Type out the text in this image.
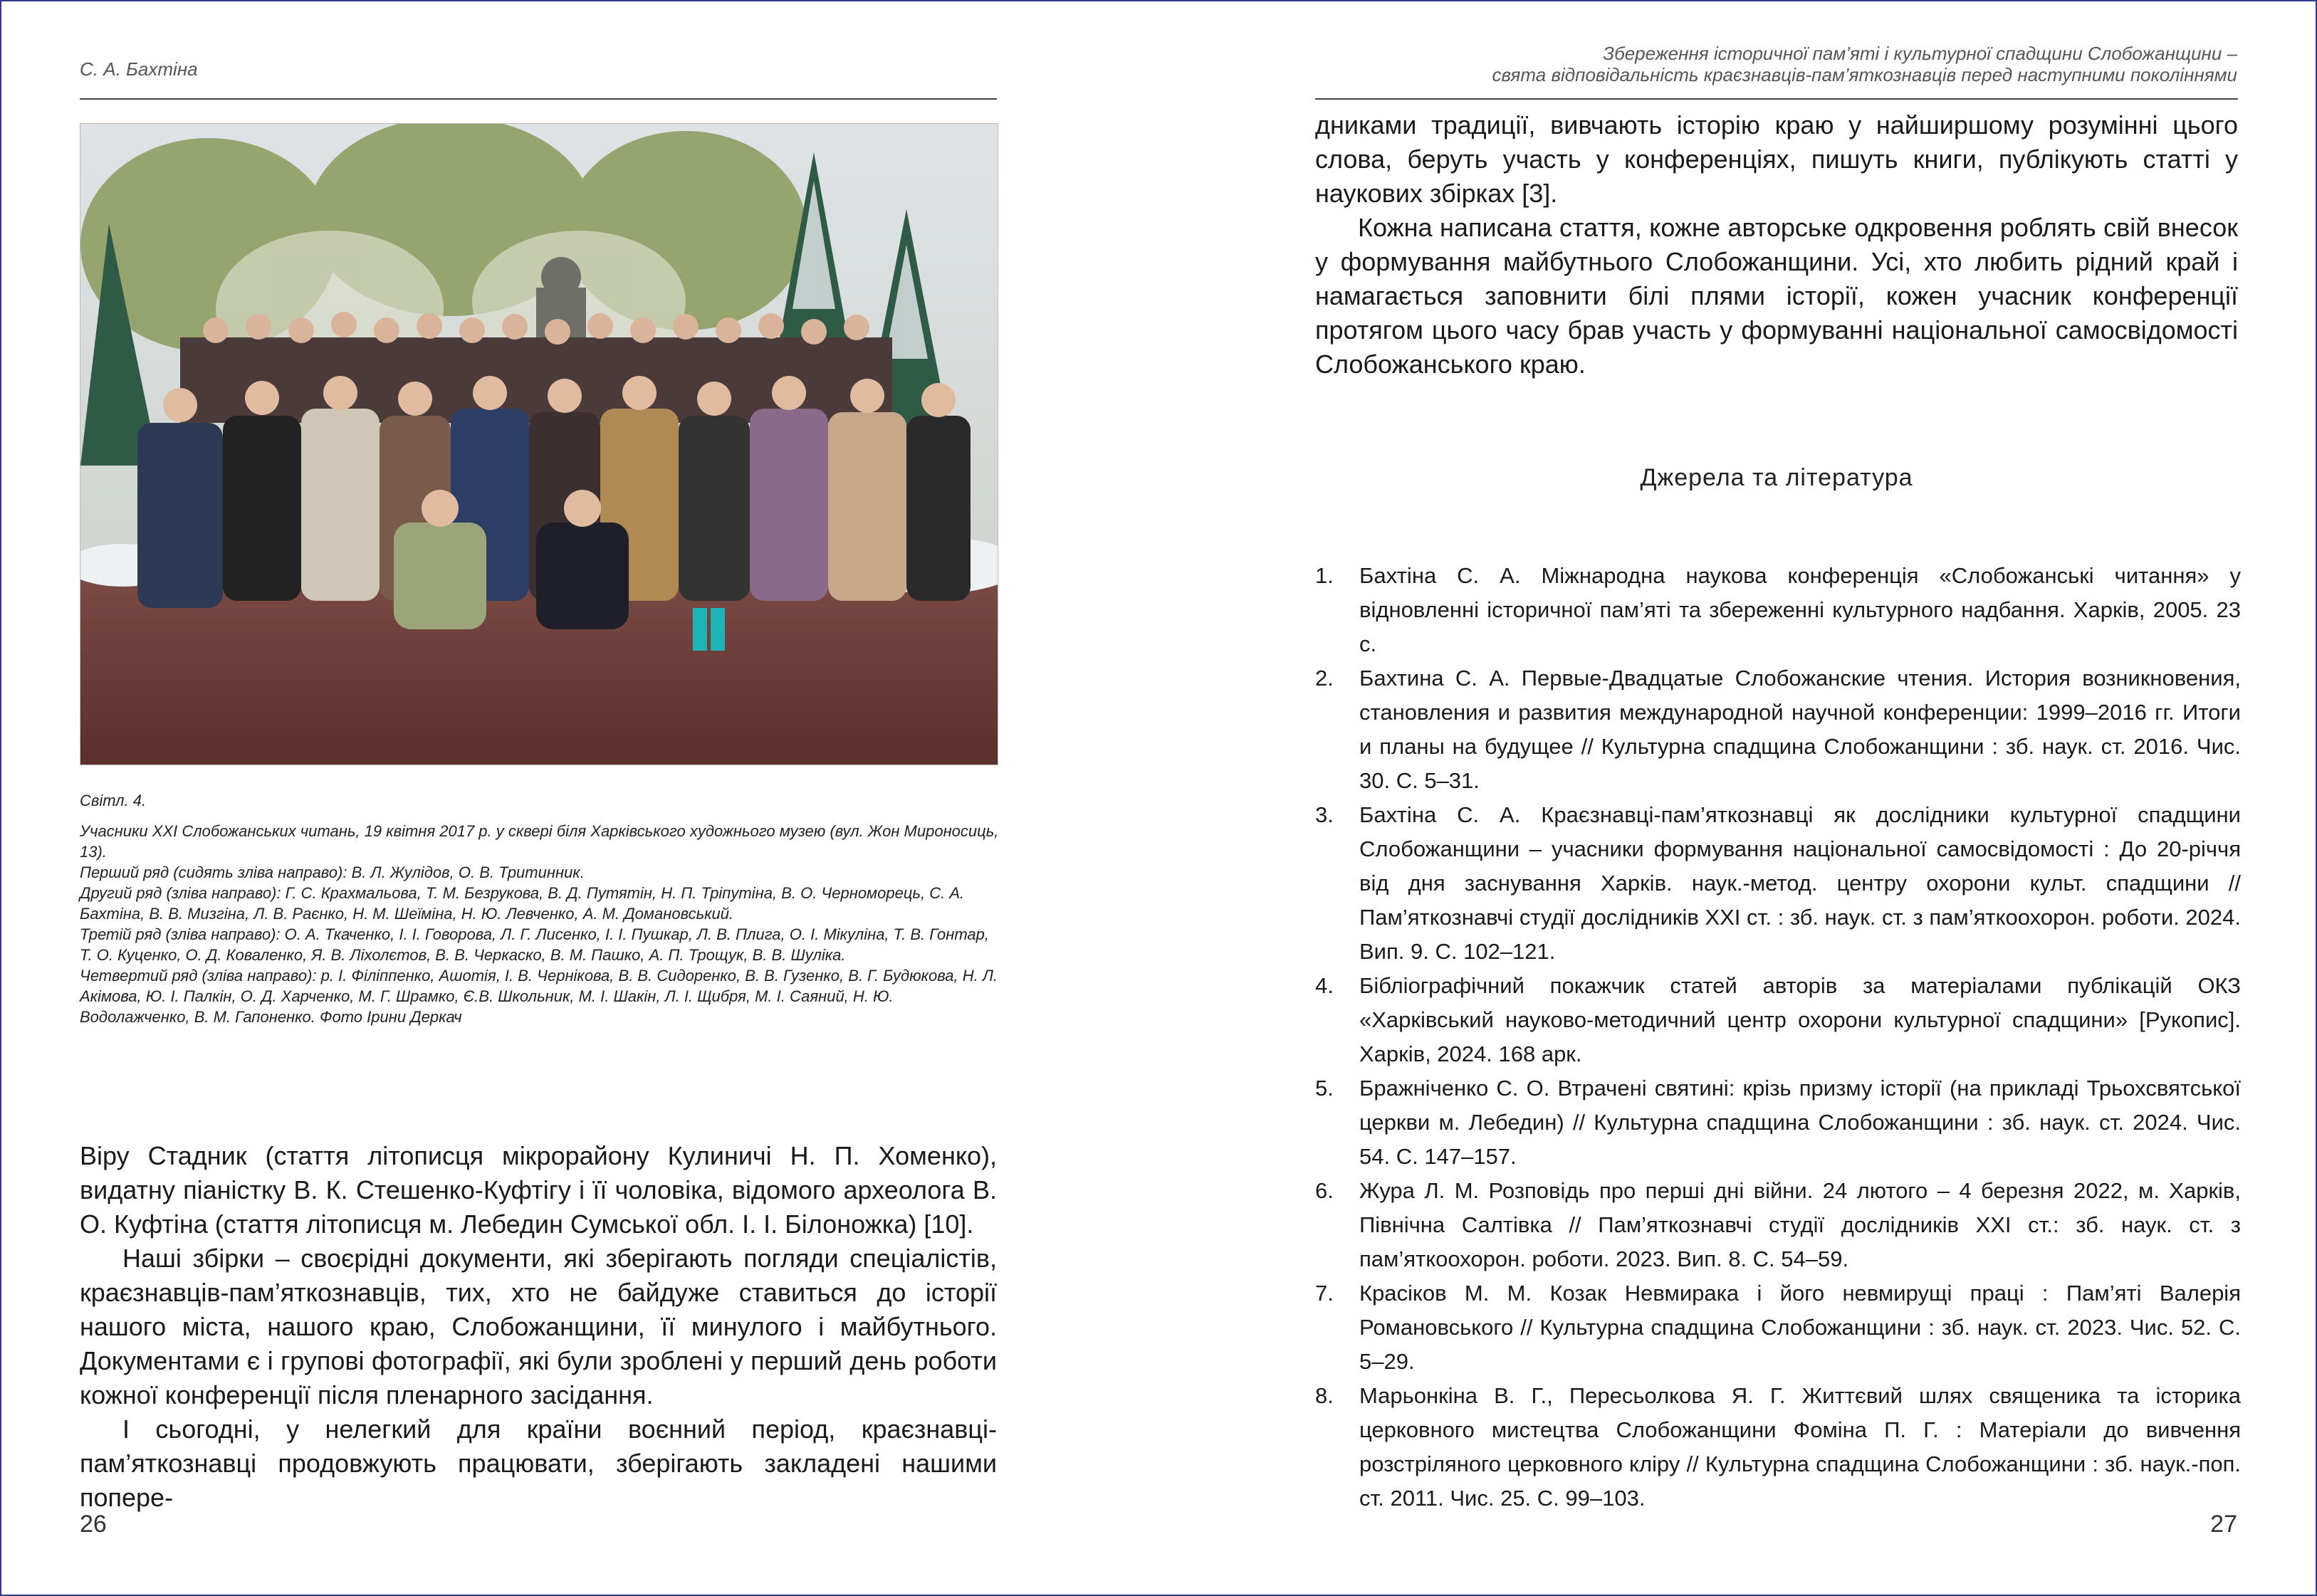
С. А. Бахтіна
Світл. 4.
Учасники XXI Слобожанських читань, 19 квітня 2017 р. у сквері біля Харківського художнього музею (вул. Жон Мироносиць, 13).
Перший ряд (сидять зліва направо): В. Л. Жулідов, О. В. Тритинник.
Другий ряд (зліва направо): Г. С. Крахмальова, Т. М. Безрукова, В. Д. Путятін, Н. П. Тріпутіна, В. О. Черноморець, С. А. Бахтіна, В. В. Мизгіна, Л. В. Раєнко, Н. М. Шеїміна, Н. Ю. Левченко, А. М. Домановський.
Третій ряд (зліва направо): О. А. Ткаченко, І. І. Говорова, Л. Г. Лисенко, І. І. Пушкар, Л. В. Плига, О. І. Мікуліна, Т. В. Гонтар, Т. О. Куценко, О. Д. Коваленко, Я. В. Ліхолєтов, В. В. Черкаско, В. М. Пашко, А. П. Трощук, В. В. Шуліка.
Четвертий ряд (зліва направо): р. І. Філіппенко, Ашотія, І. В. Чернікова, В. В. Сидоренко, В. В. Гузенко, В. Г. Будюкова, Н. Л. Акімова, Ю. І. Палкін, О. Д. Харченко, М. Г. Шрамко, Є.В. Школьник, М. І. Шакін, Л. І. Щибря, М. І. Саяний, Н. Ю. Водолажченко, В. М. Гапоненко. Фото Ірини Деркач

Віру Стадник (стаття літописця мікрорайону Кулиничі Н. П. Хоменко), видатну піаністку В. К. Стешенко-Куфтігу і її чоловіка, відомого археолога В. О. Куфтіна (стаття літописця м. Лебедин Сумської обл. І. І. Білоножка) [10].

Наші збірки – своєрідні документи, які зберігають погляди спеціалістів, краєзнавців-пам’яткознавців, тих, хто не байдуже ставиться до історії нашого міста, нашого краю, Слобожанщини, її минулого і майбутнього. Документами є і групові фотографії, які були зроблені у перший день роботи кожної конференції після пленарного засідання.

І сьогодні, у нелегкий для країни воєнний період, краєзнавці-пам’яткознавці продовжують працювати, зберігають закладені нашими попере-

26
Збереження історичної пам’яті і культурної спадщини Слобожанщини –
свята відповідальність краєзнавців-пам’яткознавців перед наступними поколіннями

дниками традиції, вивчають історію краю у найширшому розумінні цього слова, беруть участь у конференціях, пишуть книги, публікують статті у наукових збірках [3].

Кожна написана стаття, кожне авторське одкровення роблять свій внесок у формування майбутнього Слобожанщини. Усі, хто любить рідний край і намагається заповнити білі плями історії, кожен учасник конференції протягом цього часу брав участь у формуванні національної самосвідомості Слобожанського краю.

Джерела та література
1.	Бахтіна С. А. Міжнародна наукова конференція «Слобожанські читання» у відновленні історичної пам’яті та збереженні культурного надбання. Харків, 2005. 23 с.
2.	Бахтина С. А. Первые-Двадцатые Слобожанские чтения. История возникновения, становления и развития международной научной конференции: 1999–2016 гг. Итоги и планы на будущее // Культурна спадщина Слобожанщини : зб. наук. ст. 2016. Чис. 30. С. 5–31.
3.	Бахтіна С. А. Краєзнавці-пам’яткознавці як дослідники культурної спадщини Слобожанщини – учасники формування національної самосвідомості : До 20-річчя від дня заснування Харків. наук.-метод. центру охорони культ. спадщини // Пам’яткознавчі студії дослідників XXI ст. : зб. наук. ст. з пам’яткоохорон. роботи. 2024. Вип. 9. С. 102–121.
4.	Бібліографічний покажчик статей авторів за матеріалами публікацій ОКЗ «Харківський науково-методичний центр охорони культурної спадщини» [Рукопис]. Харків, 2024. 168 арк.
5.	Бражніченко С. О. Втрачені святині: крізь призму історії (на прикладі Трьохсвятської церкви м. Лебедин) // Культурна спадщина Слобожанщини : зб. наук. ст. 2024. Чис. 54. С. 147–157.
6.	Жура Л. М. Розповідь про перші дні війни. 24 лютого – 4 березня 2022, м. Харків, Північна Салтівка // Пам’яткознавчі студії дослідників XXI ст.: зб. наук. ст. з пам’яткоохорон. роботи. 2023. Вип. 8. С. 54–59.
7.	Красіков М. М. Козак Невмирака і його невмирущі праці : Пам’яті Валерія Романовського // Культурна спадщина Слобожанщини : зб. наук. ст. 2023. Чис. 52. С. 5–29.
8.	Марьонкіна В. Г., Пересьолкова Я. Г. Життєвий шлях священика та історика церковного мистецтва Слобожанщини Фоміна П. Г. : Матеріали до вивчення розстріляного церковного кліру // Культурна спадщина Слобожанщини : зб. наук.-поп. ст. 2011. Чис. 25. С. 99–103.
27
